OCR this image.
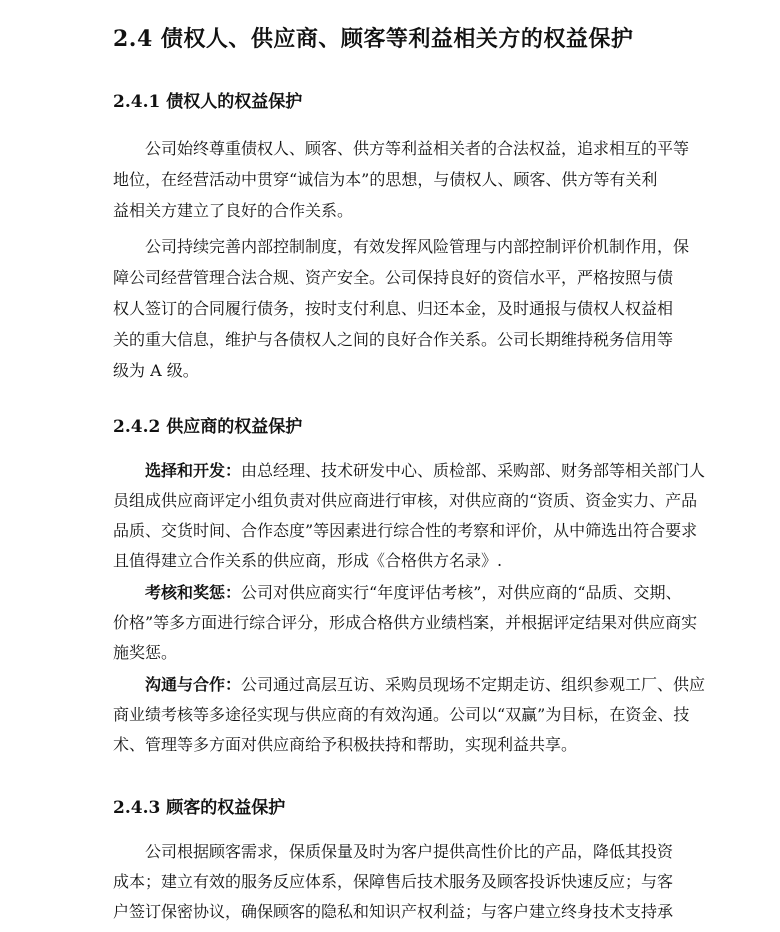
2.4 债权人、供应商、顾客等利益相关方的权益保护
2.4.1 债权人的权益保护

公司始终尊重债权人、顾客、供方等利益相关者的合法权益，追求相互的平等

地位，在经营活动中贯穿“诚信为本”的思想，与债权人、顾客、供方等有关利

益相关方建立了良好的合作关系。

公司持续完善内部控制制度，有效发挥风险管理与内部控制评价机制作用，保

障公司经营管理合法合规、资产安全。公司保持良好的资信水平，严格按照与债

权人签订的合同履行债务，按时支付利息、归还本金，及时通报与债权人权益相

关的重大信息，维护与各债权人之间的良好合作关系。公司长期维持税务信用等

级为 A 级。

2.4.2 供应商的权益保护

选择和开发：由总经理、技术研发中心、质检部、采购部、财务部等相关部门人

员组成供应商评定小组负责对供应商进行审核，对供应商的“资质、资金实力、产品

品质、交货时间、合作态度”等因素进行综合性的考察和评价，从中筛选出符合要求

且值得建立合作关系的供应商，形成《合格供方名录》.

考核和奖惩：公司对供应商实行“年度评估考核”，对供应商的“品质、交期、

价格”等多方面进行综合评分，形成合格供方业绩档案，并根据评定结果对供应商实

施奖惩。

沟通与合作：公司通过高层互访、采购员现场不定期走访、组织参观工厂、供应

商业绩考核等多途径实现与供应商的有效沟通。公司以“双赢”为目标，在资金、技

术、管理等多方面对供应商给予积极扶持和帮助，实现利益共享。

2.4.3 顾客的权益保护

公司根据顾客需求，保质保量及时为客户提供高性价比的产品，降低其投资

成本；建立有效的服务反应体系，保障售后技术服务及顾客投诉快速反应；与客

户签订保密协议，确保顾客的隐私和知识产权利益；与客户建立终身技术支持承
